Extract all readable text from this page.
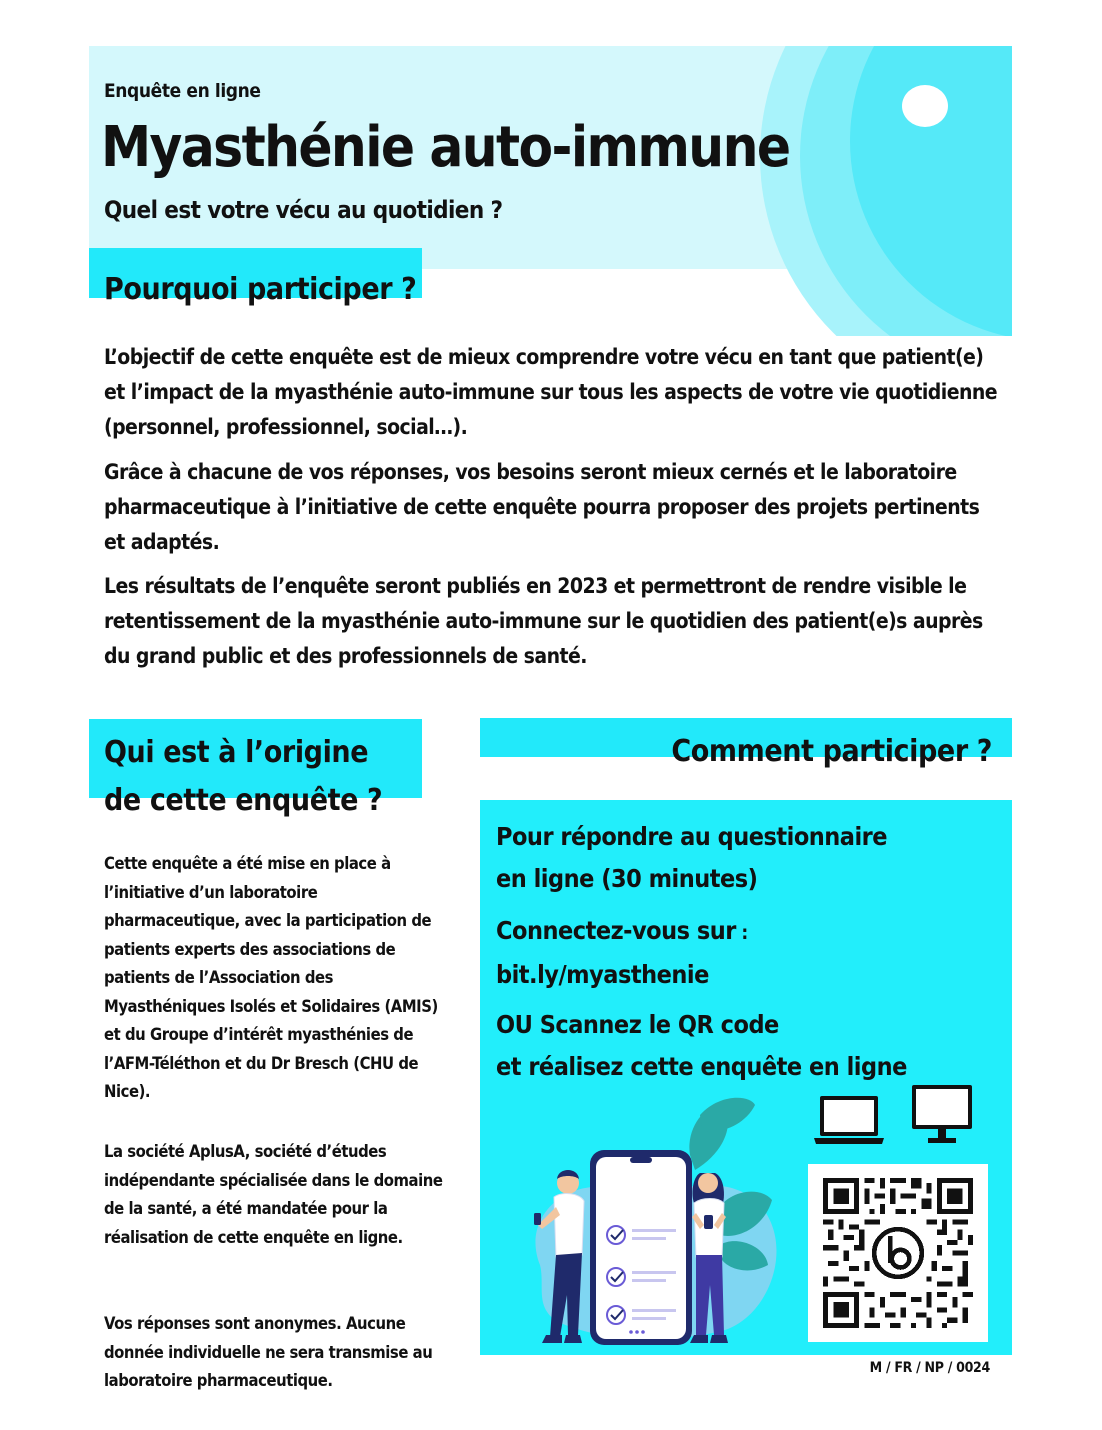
Enquête en ligne
Myasthénie auto-immune
Quel est votre vécu au quotidien ?
Pourquoi participer ?

L’objectif de cette enquête est de mieux comprendre votre vécu en tant que patient(e) et l’impact de la myasthénie auto-immune sur tous les aspects de votre vie quotidienne (personnel, professionnel, social…).

Grâce à chacune de vos réponses, vos besoins seront mieux cernés et le laboratoire pharmaceutique à l’initiative de cette enquête pourra proposer des projets pertinents et adaptés.

Les résultats de l’enquête seront publiés en 2023 et permettront de rendre visible le retentissement de la myasthénie auto-immune sur le quotidien des patient(e)s auprès du grand public et des professionnels de santé.

Qui est à l’origine
de cette enquête ?

Cette enquête a été mise en place à l’initiative d’un laboratoire pharmaceutique, avec la participation de patients experts des associations de patients de l’Association des Myasthéniques Isolés et Solidaires (AMIS) et du Groupe d’intérêt myasthénies de l’AFM-Téléthon et du Dr Bresch (CHU de Nice).

La société AplusA, société d’études indépendante spécialisée dans le domaine de la santé, a été mandatée pour la réalisation de cette enquête en ligne.

Vos réponses sont anonymes. Aucune donnée individuelle ne sera transmise au laboratoire pharmaceutique.

Comment participer ?

Pour répondre au questionnaire
en ligne (30 minutes)

Connectez-vous sur :
bit.ly/myasthenie

OU Scannez le QR code
et réalisez cette enquête en ligne

M / FR / NP / 0024
